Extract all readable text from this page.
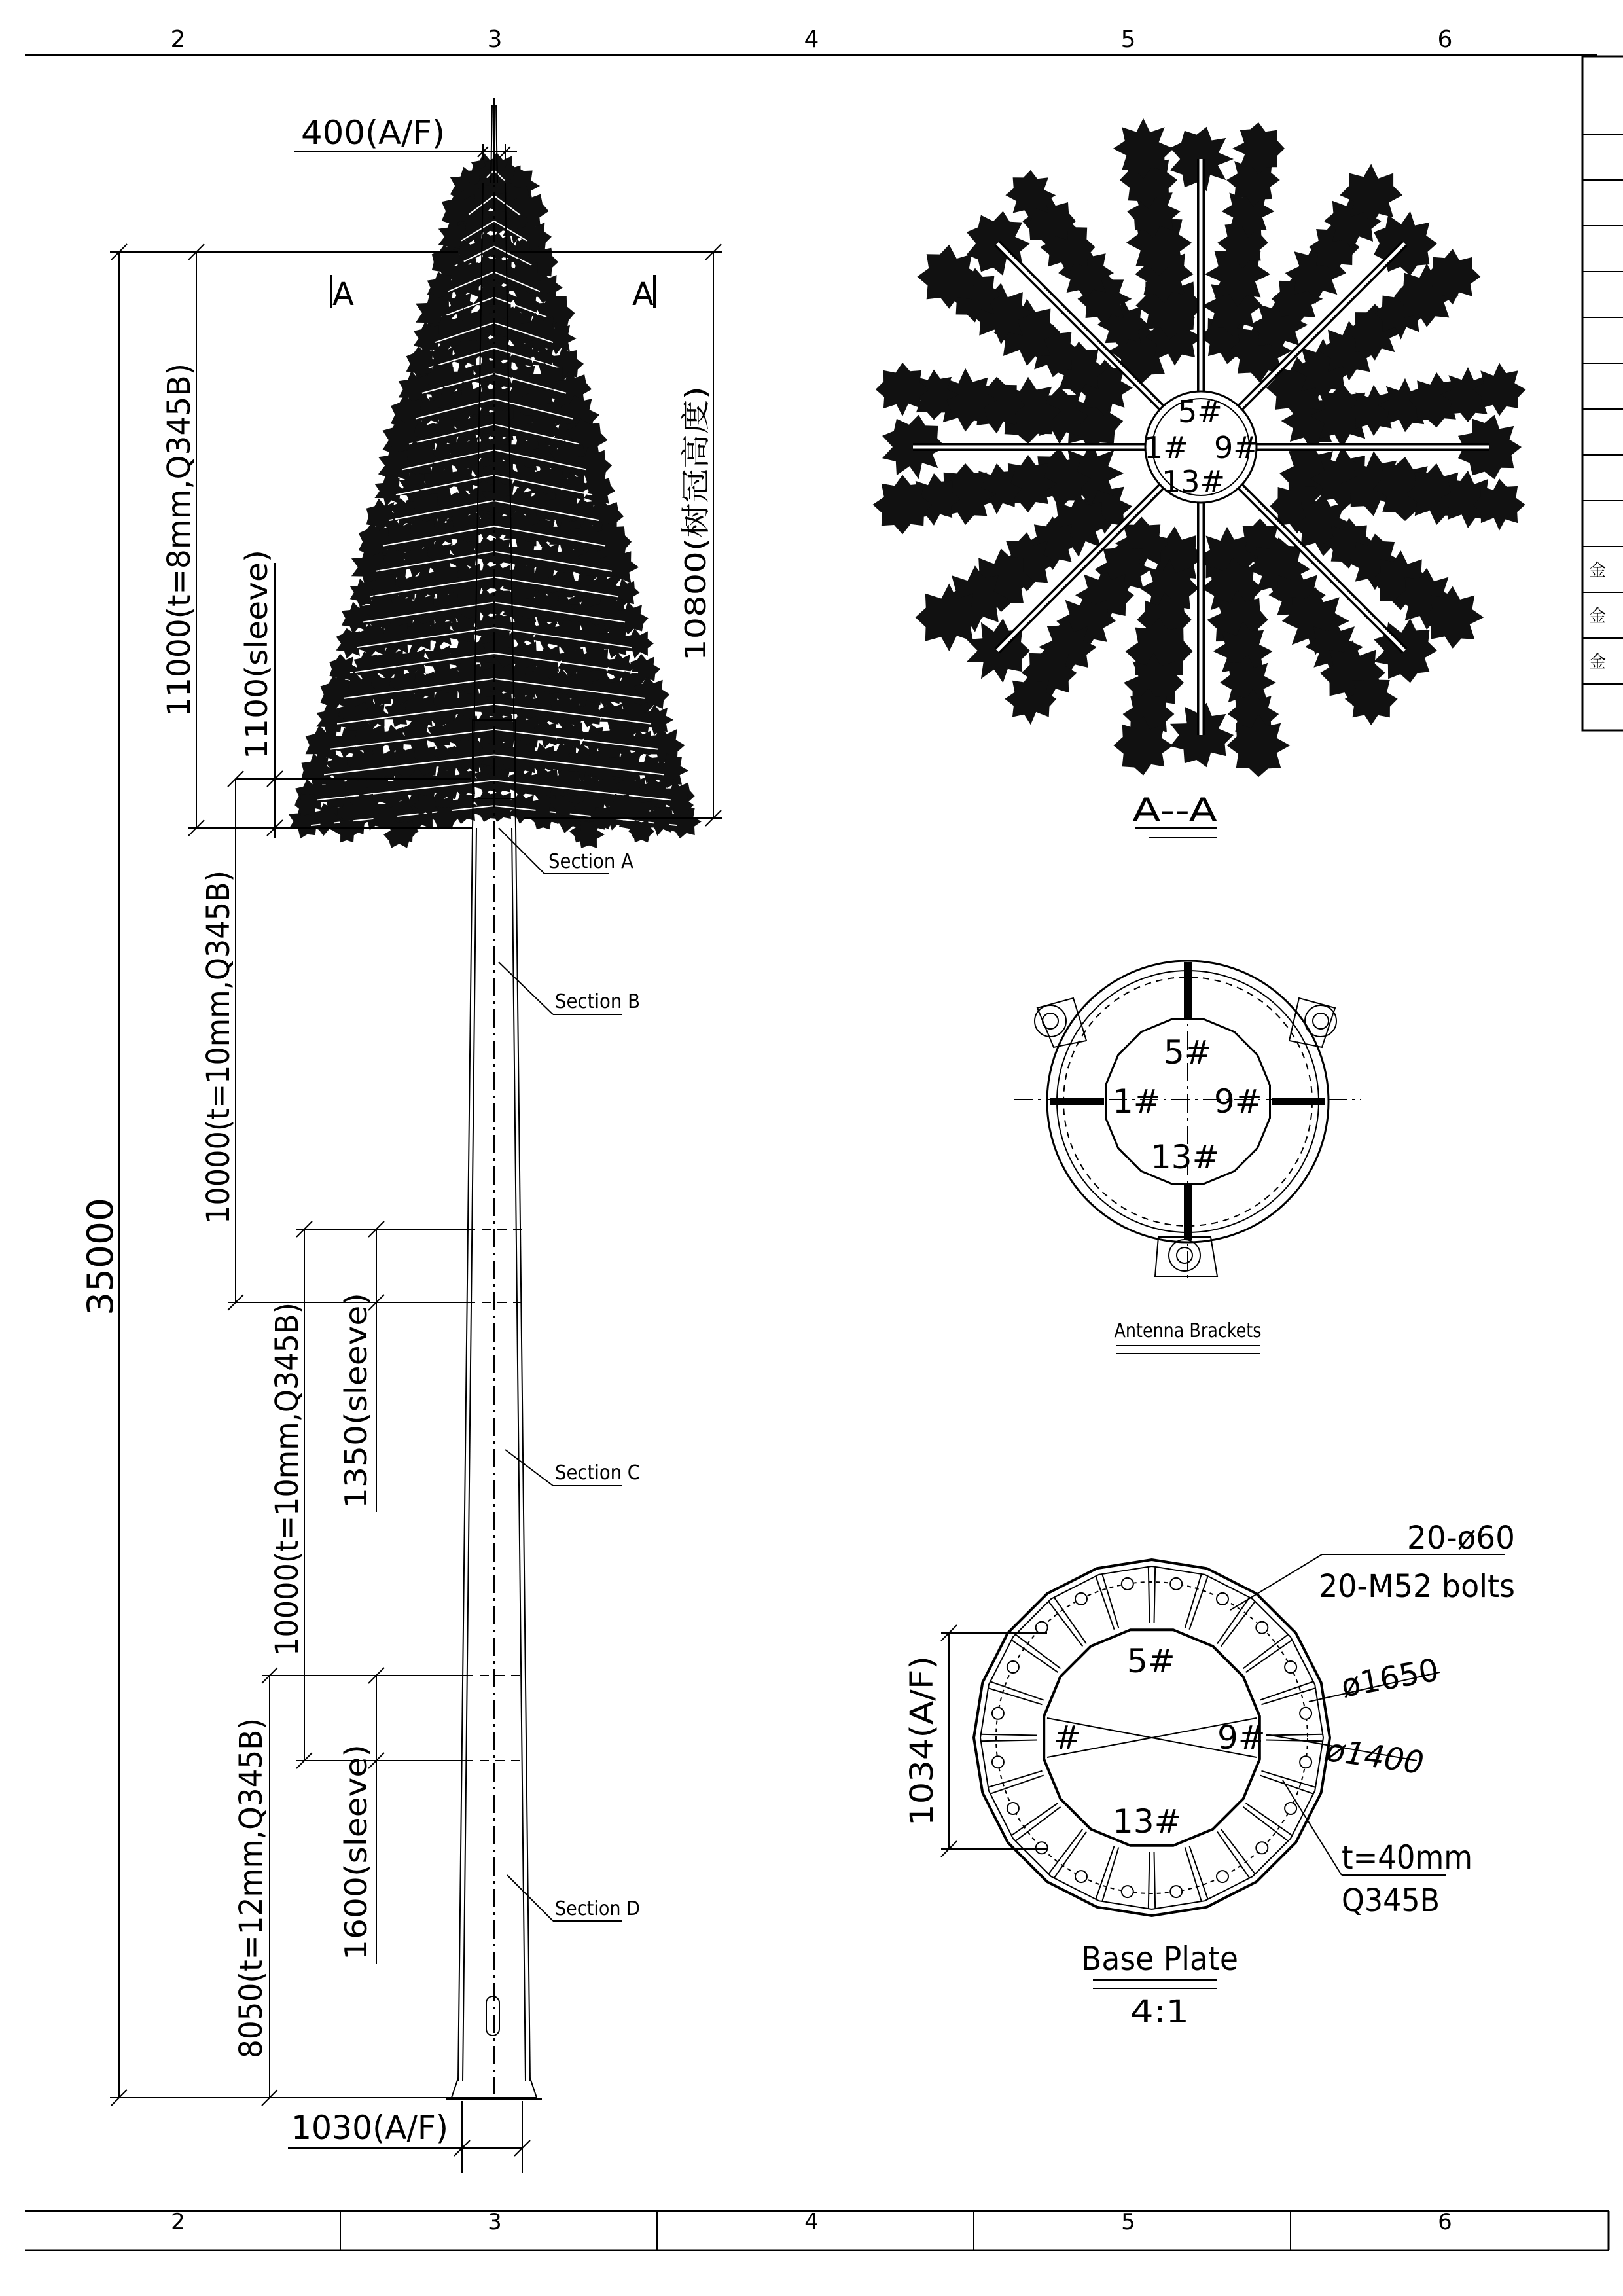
2	3	4	5	6
2	3	4	5	6
金
金
金
400(A/F)
35000
11000(t=8mm,Q345B)	10800(树冠高度)
1100(sleeve)
10000(t=10mm,Q345B)
10000(t=10mm,Q345B) 1350(sleeve)
8050(t=12mm,Q345B) 1600(sleeve)
1030(A/F)
A	A
Section A
Section B
Section C
Section D
5#
1# 9#
13#
A--A
5#
1# 9#
13#
Antenna Brackets
5#
#	9#
13#
20-ø60
20-M52 bolts
ø1650
ø1400
t=40mm
Q345B
1034(A/F)
Base Plate
4:1
